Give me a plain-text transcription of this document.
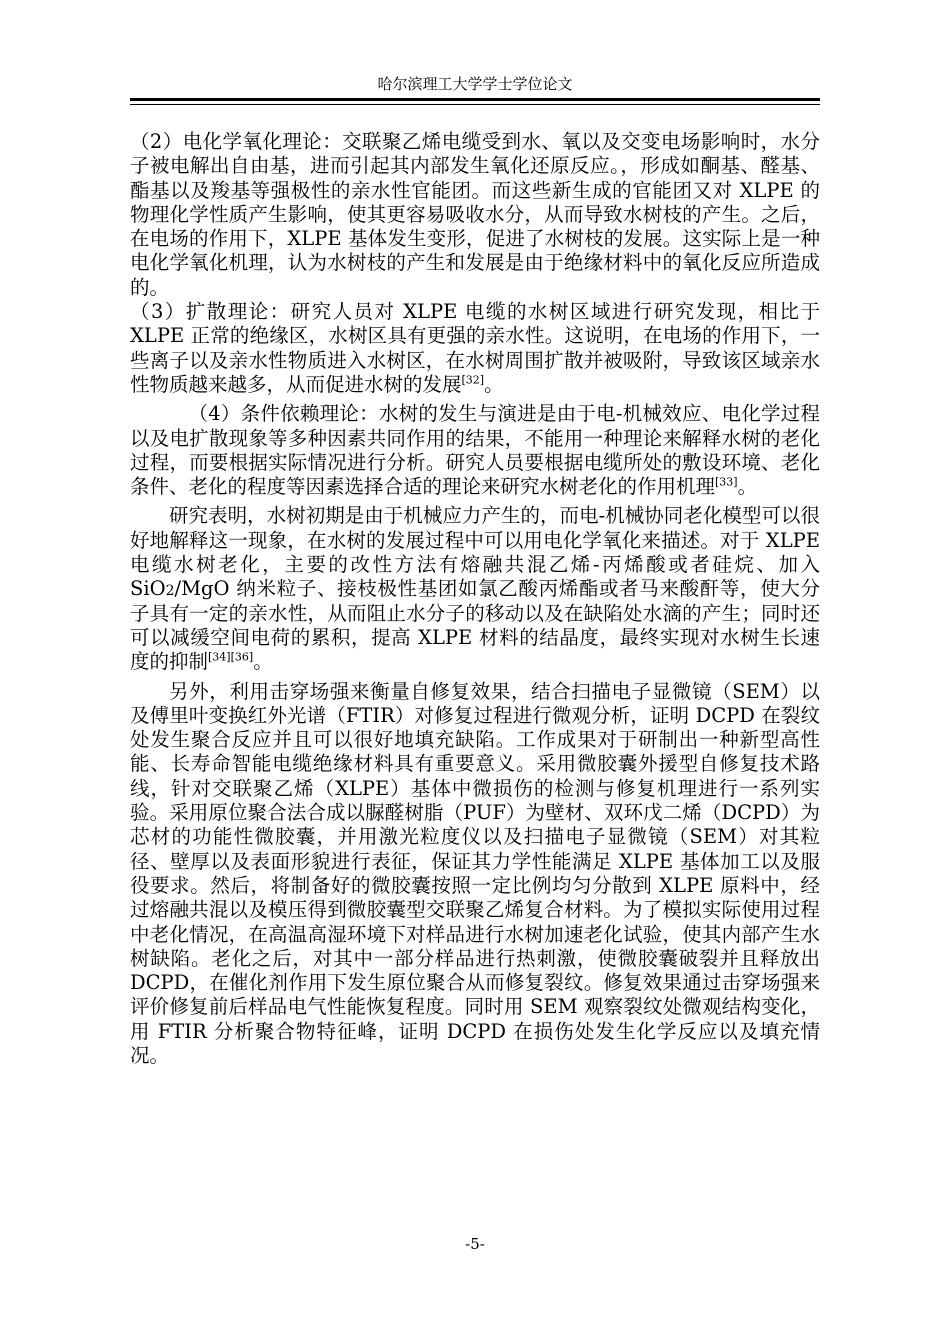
哈尔滨理工大学学士学位论文

（2）电化学氧化理论：交联聚乙烯电缆受到水、氧以及交变电场影响时，水分子被电解出自由基，进而引起其内部发生氧化还原反应。，形成如酮基、醛基、酯基以及羧基等强极性的亲水性官能团。而这些新生成的官能团又对 XLPE 的物理化学性质产生影响，使其更容易吸收水分，从而导致水树枝的产生。之后，在电场的作用下，XLPE 基体发生变形，促进了水树枝的发展。这实际上是一种电化学氧化机理，认为水树枝的产生和发展是由于绝缘材料中的氧化反应所造成的。

（3）扩散理论：研究人员对 XLPE 电缆的水树区域进行研究发现，相比于 XLPE 正常的绝缘区，水树区具有更强的亲水性。这说明，在电场的作用下，一些离子以及亲水性物质进入水树区，在水树周围扩散并被吸附，导致该区域亲水性物质越来越多，从而促进水树的发展[32]。

（4）条件依赖理论：水树的发生与演进是由于电-机械效应、电化学过程以及电扩散现象等多种因素共同作用的结果，不能用一种理论来解释水树的老化过程，而要根据实际情况进行分析。研究人员要根据电缆所处的敷设环境、老化条件、老化的程度等因素选择合适的理论来研究水树老化的作用机理[33]。

研究表明，水树初期是由于机械应力产生的，而电-机械协同老化模型可以很好地解释这一现象，在水树的发展过程中可以用电化学氧化来描述。对于 XLPE 电缆水树老化，主要的改性方法有熔融共混乙烯-丙烯酸或者硅烷、加入 SiO2/MgO 纳米粒子、接枝极性基团如氯乙酸丙烯酯或者马来酸酐等，使大分子具有一定的亲水性，从而阻止水分子的移动以及在缺陷处水滴的产生；同时还可以减缓空间电荷的累积，提高 XLPE 材料的结晶度，最终实现对水树生长速度的抑制[34][36]。

另外，利用击穿场强来衡量自修复效果，结合扫描电子显微镜（SEM）以及傅里叶变换红外光谱（FTIR）对修复过程进行微观分析，证明 DCPD 在裂纹处发生聚合反应并且可以很好地填充缺陷。工作成果对于研制出一种新型高性能、长寿命智能电缆绝缘材料具有重要意义。采用微胶囊外援型自修复技术路线，针对交联聚乙烯（XLPE）基体中微损伤的检测与修复机理进行一系列实验。采用原位聚合法合成以脲醛树脂（PUF）为壁材、双环戊二烯（DCPD）为芯材的功能性微胶囊，并用激光粒度仪以及扫描电子显微镜（SEM）对其粒径、壁厚以及表面形貌进行表征，保证其力学性能满足 XLPE 基体加工以及服役要求。然后，将制备好的微胶囊按照一定比例均匀分散到 XLPE 原料中，经过熔融共混以及模压得到微胶囊型交联聚乙烯复合材料。为了模拟实际使用过程中老化情况，在高温高湿环境下对样品进行水树加速老化试验，使其内部产生水树缺陷。老化之后，对其中一部分样品进行热刺激，使微胶囊破裂并且释放出 DCPD，在催化剂作用下发生原位聚合从而修复裂纹。修复效果通过击穿场强来评价修复前后样品电气性能恢复程度。同时用 SEM 观察裂纹处微观结构变化，用 FTIR 分析聚合物特征峰，证明 DCPD 在损伤处发生化学反应以及填充情况。

-5-
